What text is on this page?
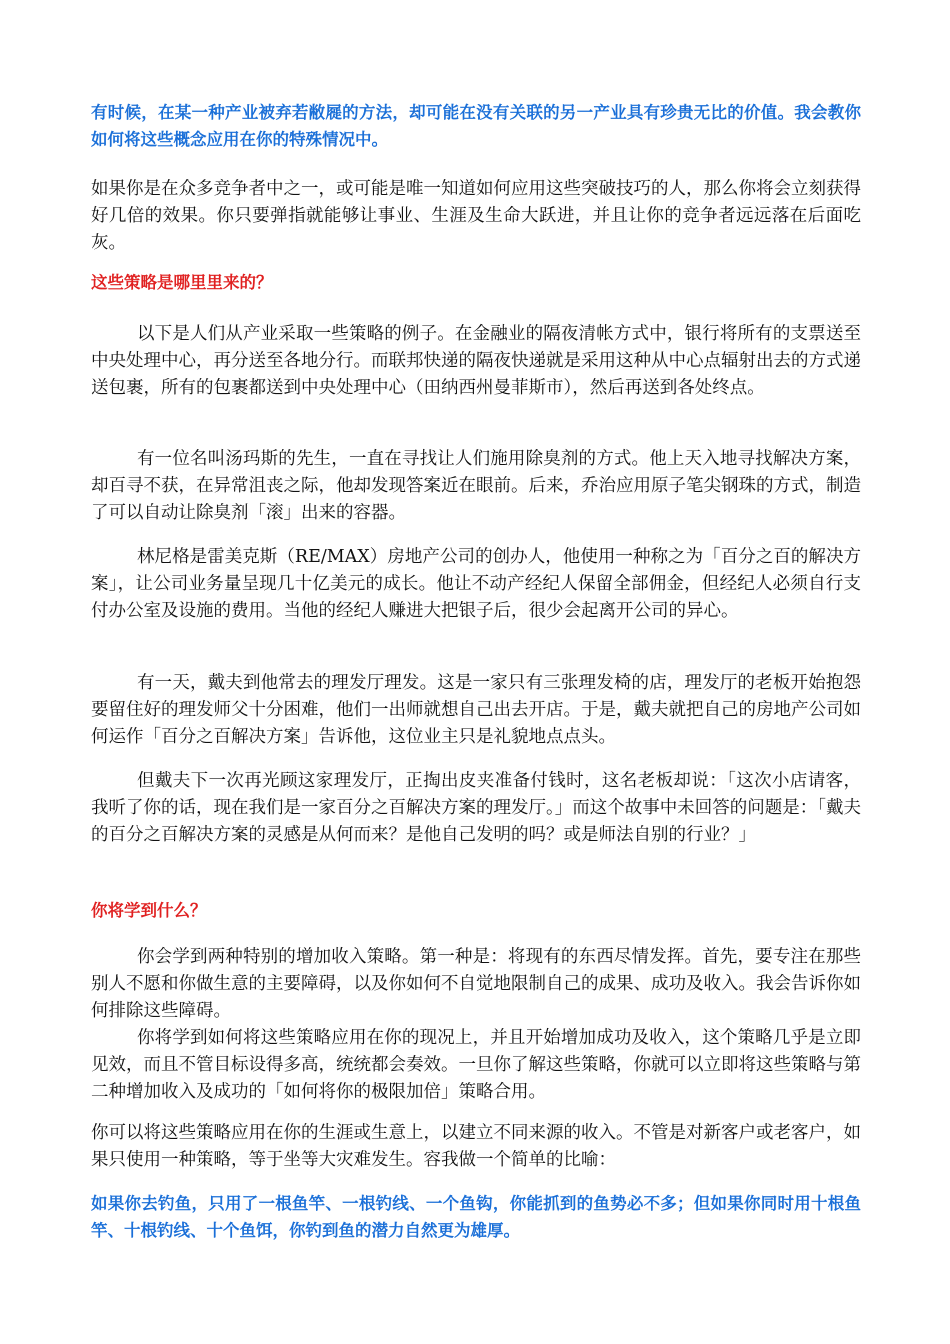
有时候，在某一种产业被弃若敝屣的方法，却可能在没有关联的另一产业具有珍贵无比的价值。我会教你如何将这些概念应用在你的特殊情况中。

如果你是在众多竞争者中之一，或可能是唯一知道如何应用这些突破技巧的人，那么你将会立刻获得好几倍的效果。你只要弹指就能够让事业、生涯及生命大跃进，并且让你的竞争者远远落在后面吃灰。

这些策略是哪里里来的？

以下是人们从产业采取一些策略的例子。在金融业的隔夜清帐方式中，银行将所有的支票送至中央处理中心，再分送至各地分行。而联邦快递的隔夜快递就是采用这种从中心点辐射出去的方式递送包裹，所有的包裹都送到中央处理中心（田纳西州曼菲斯市），然后再送到各处终点。

有一位名叫汤玛斯的先生，一直在寻找让人们施用除臭剂的方式。他上天入地寻找解决方案，却百寻不获，在异常沮丧之际，他却发现答案近在眼前。后来，乔治应用原子笔尖钢珠的方式，制造了可以自动让除臭剂「滚」出来的容器。

林尼格是雷美克斯（RE/MAX）房地产公司的创办人，他使用一种称之为「百分之百的解决方案」，让公司业务量呈现几十亿美元的成长。他让不动产经纪人保留全部佣金，但经纪人必须自行支付办公室及设施的费用。当他的经纪人赚进大把银子后，很少会起离开公司的异心。

有一天，戴夫到他常去的理发厅理发。这是一家只有三张理发椅的店，理发厅的老板开始抱怨要留住好的理发师父十分困难，他们一出师就想自己出去开店。于是，戴夫就把自己的房地产公司如何运作「百分之百解决方案」告诉他，这位业主只是礼貌地点点头。

但戴夫下一次再光顾这家理发厅，正掏出皮夹准备付钱时，这名老板却说：「这次小店请客，我听了你的话，现在我们是一家百分之百解决方案的理发厅。」而这个故事中未回答的问题是：「戴夫的百分之百解决方案的灵感是从何而来？是他自己发明的吗？或是师法自别的行业？」

你将学到什么？

你会学到两种特别的增加收入策略。第一种是：将现有的东西尽情发挥。首先，要专注在那些别人不愿和你做生意的主要障碍，以及你如何不自觉地限制自己的成果、成功及收入。我会告诉你如何排除这些障碍。

你将学到如何将这些策略应用在你的现况上，并且开始增加成功及收入，这个策略几乎是立即见效，而且不管目标设得多高，统统都会奏效。一旦你了解这些策略，你就可以立即将这些策略与第二种增加收入及成功的「如何将你的极限加倍」策略合用。

你可以将这些策略应用在你的生涯或生意上，以建立不同来源的收入。不管是对新客户或老客户，如果只使用一种策略，等于坐等大灾难发生。容我做一个简单的比喻：

如果你去钓鱼，只用了一根鱼竿、一根钓线、一个鱼钩，你能抓到的鱼势必不多；但如果你同时用十根鱼竿、十根钓线、十个鱼饵，你钓到鱼的潜力自然更为雄厚。
